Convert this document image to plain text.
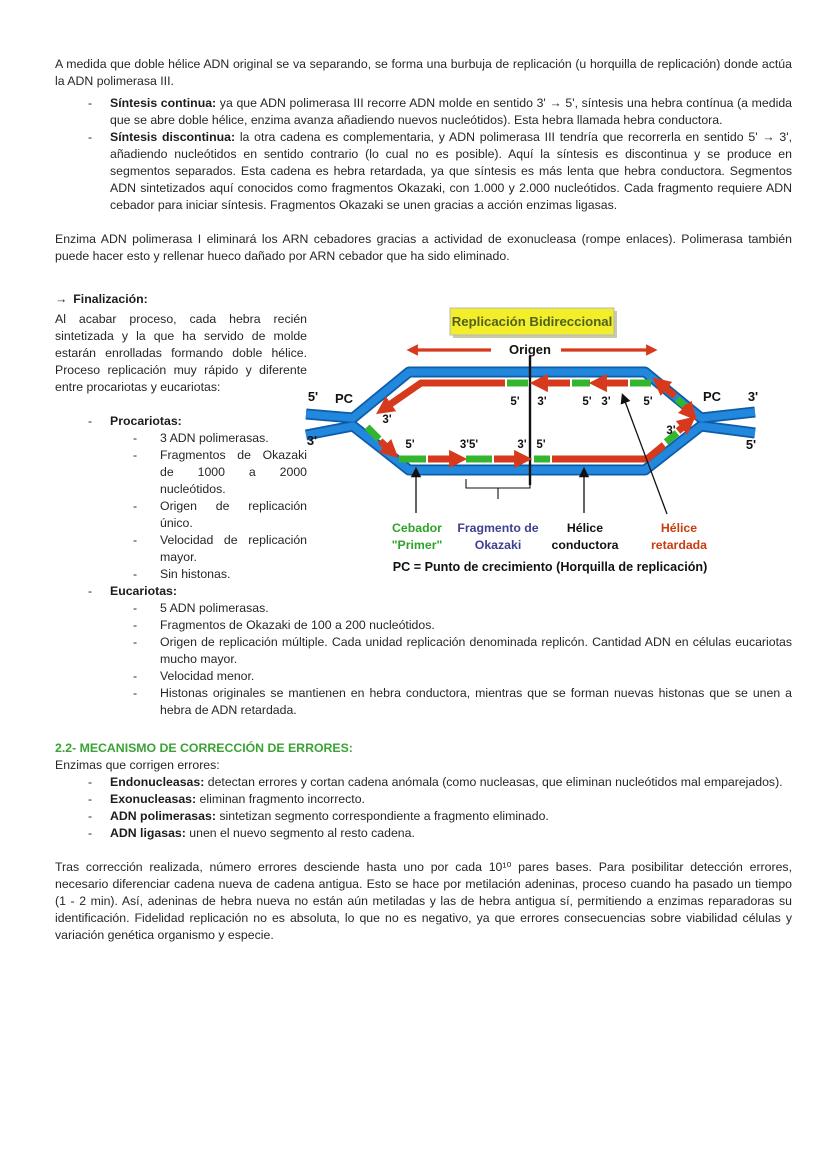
A medida que doble hélice ADN original se va separando, se forma una burbuja de replicación (u horquilla de replicación) donde actúa la ADN polimerasa III.

-	Síntesis continua: ya que ADN polimerasa III recorre ADN molde en sentido 3' → 5', síntesis una hebra contínua (a medida que se abre doble hélice, enzima avanza añadiendo nuevos nucleótidos). Esta hebra llamada hebra conductora.
-	Síntesis discontinua: la otra cadena es complementaria, y ADN polimerasa III tendría que recorrerla en sentido 5' → 3', añadiendo nucleótidos en sentido contrario (lo cual no es posible). Aquí la síntesis es discontinua y se produce en segmentos separados. Esta cadena es hebra retardada, ya que síntesis es más lenta que hebra conductora. Segmentos ADN sintetizados aquí conocidos como fragmentos Okazaki, con 1.000 y 2.000 nucleótidos. Cada fragmento requiere ADN cebador para iniciar síntesis. Fragmentos Okazaki se unen gracias a acción enzimas ligasas.

Enzima ADN polimerasa I eliminará los ARN cebadores gracias a actividad de exonucleasa (rompe enlaces). Polimerasa también puede hacer esto y rellenar hueco dañado por ARN cebador que ha sido eliminado.

→ Finalización:

Al acabar proceso, cada hebra recién sintetizada y la que ha servido de molde estarán enrolladas formando doble hélice. Proceso replicación muy rápido y diferente entre procariotas y eucariotas:

-	Procariotas:
-	3 ADN polimerasas.
-	Fragmentos de Okazaki de 1000 a 2000 nucleótidos.
-	Origen de replicación único.
-	Velocidad de replicación mayor.
-	Sin histonas.
Replicación Bidireccional
Origen
PC	PC
5'
3'
3'
5'
3'
5' 3'	5' 3'	5'
5'	3'5'	3' 5'
3'
Cebador
"Primer"
Fragmento de
Okazaki
Hélice
conductora
Hélice
retardada
PC = Punto de crecimiento (Horquilla de replicación)
-	Eucariotas:
-	5 ADN polimerasas.
-	Fragmentos de Okazaki de 100 a 200 nucleótidos.
-	Origen de replicación múltiple. Cada unidad replicación denominada replicón. Cantidad ADN en células eucariotas mucho mayor.
-	Velocidad menor.
-	Histonas originales se mantienen en hebra conductora, mientras que se forman nuevas histonas que se unen a hebra de ADN retardada.
2.2- MECANISMO DE CORRECCIÓN DE ERRORES:

Enzimas que corrigen errores:

-	Endonucleasas: detectan errores y cortan cadena anómala (como nucleasas, que eliminan nucleótidos mal emparejados).
-	Exonucleasas: eliminan fragmento incorrecto.
-	ADN polimerasas: sintetizan segmento correspondiente a fragmento eliminado.
-	ADN ligasas: unen el nuevo segmento al resto cadena.

Tras corrección realizada, número errores desciende hasta uno por cada 10¹⁰ pares bases. Para posibilitar detección errores, necesario diferenciar cadena nueva de cadena antigua. Esto se hace por metilación adeninas, proceso cuando ha pasado un tiempo (1 - 2 min). Así, adeninas de hebra nueva no están aún metiladas y las de hebra antigua sí, permitiendo a enzimas reparadoras su identificación. Fidelidad replicación no es absoluta, lo que no es negativo, ya que errores consecuencias sobre viabilidad células y variación genética organismo y especie.
